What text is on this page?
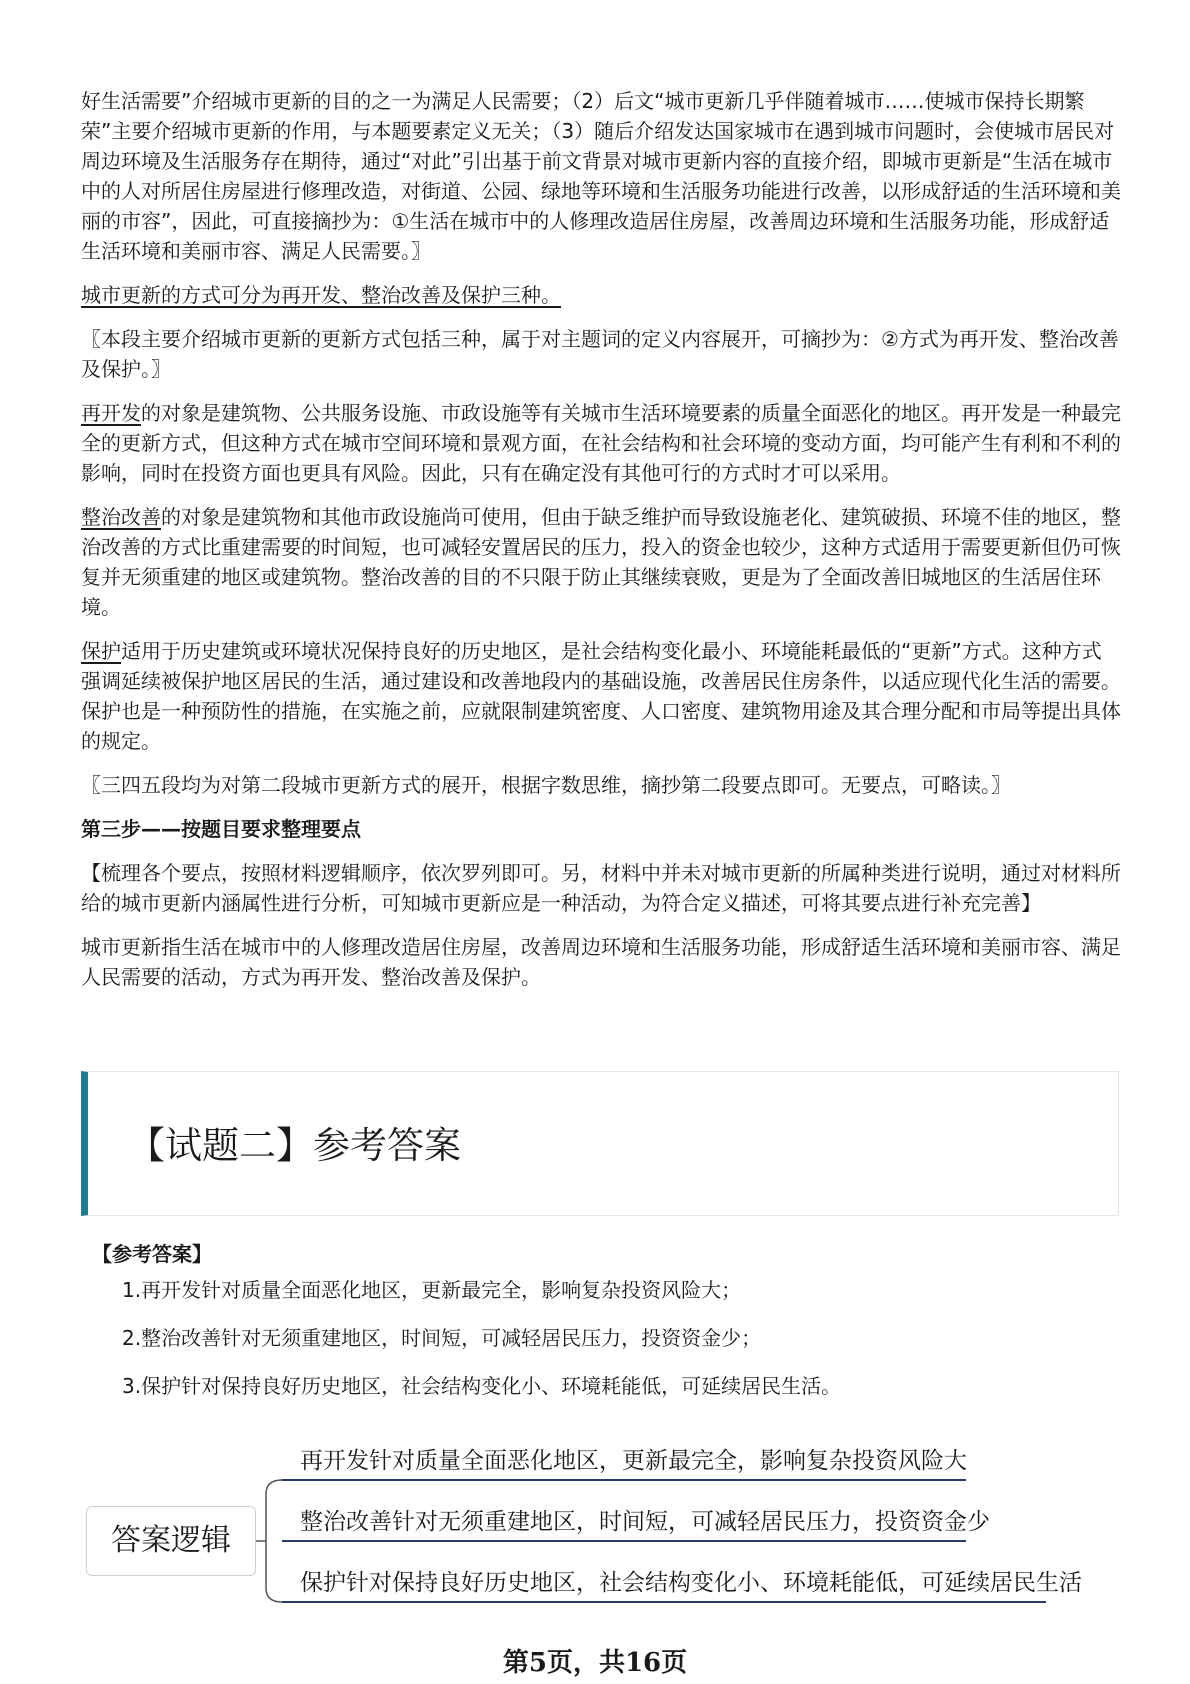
好生活需要”介绍城市更新的目的之一为满足人民需要；（2）后文“城市更新几乎伴随着城市……使城市保持长期繁荣”主要介绍城市更新的作用，与本题要素定义无关；（3）随后介绍发达国家城市在遇到城市问题时，会使城市居民对周边环境及生活服务存在期待，通过“对此”引出基于前文背景对城市更新内容的直接介绍，即城市更新是“生活在城市中的人对所居住房屋进行修理改造，对街道、公园、绿地等环境和生活服务功能进行改善，以形成舒适的生活环境和美丽的市容”，因此，可直接摘抄为：①生活在城市中的人修理改造居住房屋，改善周边环境和生活服务功能，形成舒适生活环境和美丽市容、满足人民需要。〗

城市更新的方式可分为再开发、整治改善及保护三种。

〖本段主要介绍城市更新的更新方式包括三种，属于对主题词的定义内容展开，可摘抄为：②方式为再开发、整治改善及保护。〗

再开发的对象是建筑物、公共服务设施、市政设施等有关城市生活环境要素的质量全面恶化的地区。再开发是一种最完全的更新方式，但这种方式在城市空间环境和景观方面，在社会结构和社会环境的变动方面，均可能产生有利和不利的影响，同时在投资方面也更具有风险。因此，只有在确定没有其他可行的方式时才可以采用。

整治改善的对象是建筑物和其他市政设施尚可使用，但由于缺乏维护而导致设施老化、建筑破损、环境不佳的地区，整治改善的方式比重建需要的时间短，也可减轻安置居民的压力，投入的资金也较少，这种方式适用于需要更新但仍可恢复并无须重建的地区或建筑物。整治改善的目的不只限于防止其继续衰败，更是为了全面改善旧城地区的生活居住环境。

保护适用于历史建筑或环境状况保持良好的历史地区，是社会结构变化最小、环境能耗最低的“更新”方式。这种方式强调延续被保护地区居民的生活，通过建设和改善地段内的基础设施，改善居民住房条件，以适应现代化生活的需要。保护也是一种预防性的措施，在实施之前，应就限制建筑密度、人口密度、建筑物用途及其合理分配和市局等提出具体的规定。

〖三四五段均为对第二段城市更新方式的展开，根据字数思维，摘抄第二段要点即可。无要点，可略读。〗

第三步——按题目要求整理要点

【梳理各个要点，按照材料逻辑顺序，依次罗列即可。另，材料中并未对城市更新的所属种类进行说明，通过对材料所给的城市更新内涵属性进行分析，可知城市更新应是一种活动，为符合定义描述，可将其要点进行补充完善】

城市更新指生活在城市中的人修理改造居住房屋，改善周边环境和生活服务功能，形成舒适生活环境和美丽市容、满足人民需要的活动，方式为再开发、整治改善及保护。

【试题二】参考答案
【参考答案】
1.再开发针对质量全面恶化地区，更新最完全，影响复杂投资风险大；
2.整治改善针对无须重建地区，时间短，可减轻居民压力，投资资金少；
3.保护针对保持良好历史地区，社会结构变化小、环境耗能低，可延续居民生活。
答案逻辑
再开发针对质量全面恶化地区，更新最完全，影响复杂投资风险大
整治改善针对无须重建地区，时间短，可减轻居民压力，投资资金少
保护针对保持良好历史地区，社会结构变化小、环境耗能低，可延续居民生活
第5页，共16页
